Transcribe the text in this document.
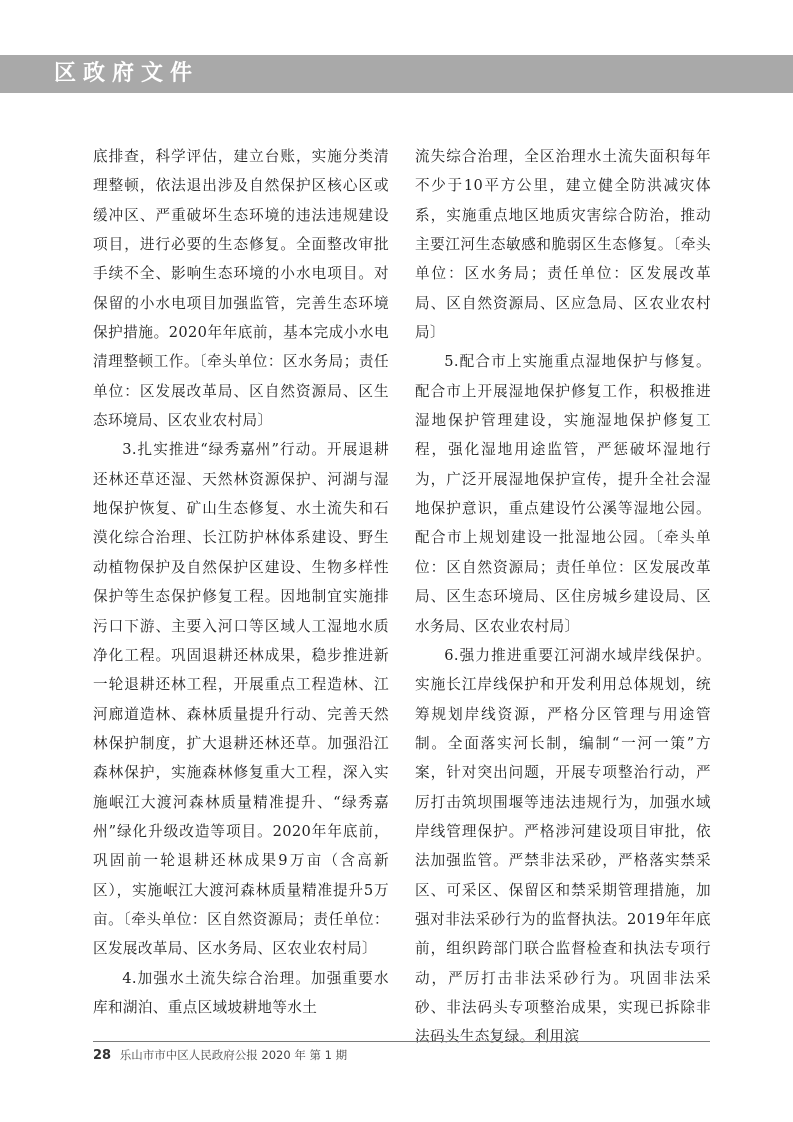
区政府文件

底排查，科学评估，建立台账，实施分类清理整顿，依法退出涉及自然保护区核心区或缓冲区、严重破坏生态环境的违法违规建设项目，进行必要的生态修复。全面整改审批手续不全、影响生态环境的小水电项目。对保留的小水电项目加强监管，完善生态环境保护措施。2020年年底前，基本完成小水电清理整顿工作。〔牵头单位：区水务局；责任单位：区发展改革局、区自然资源局、区生态环境局、区农业农村局〕

3.扎实推进“绿秀嘉州”行动。开展退耕还林还草还湿、天然林资源保护、河湖与湿地保护恢复、矿山生态修复、水土流失和石漠化综合治理、长江防护林体系建设、野生动植物保护及自然保护区建设、生物多样性保护等生态保护修复工程。因地制宜实施排污口下游、主要入河口等区域人工湿地水质净化工程。巩固退耕还林成果，稳步推进新一轮退耕还林工程，开展重点工程造林、江河廊道造林、森林质量提升行动、完善天然林保护制度，扩大退耕还林还草。加强沿江森林保护，实施森林修复重大工程，深入实施岷江大渡河森林质量精准提升、“绿秀嘉州”绿化升级改造等项目。2020年年底前，巩固前一轮退耕还林成果9万亩（含高新区），实施岷江大渡河森林质量精准提升5万亩。〔牵头单位：区自然资源局；责任单位：区发展改革局、区水务局、区农业农村局〕

4.加强水土流失综合治理。加强重要水库和湖泊、重点区域坡耕地等水土

流失综合治理，全区治理水土流失面积每年不少于10平方公里，建立健全防洪减灾体系，实施重点地区地质灾害综合防治，推动主要江河生态敏感和脆弱区生态修复。〔牵头单位：区水务局；责任单位：区发展改革局、区自然资源局、区应急局、区农业农村局〕

5.配合市上实施重点湿地保护与修复。配合市上开展湿地保护修复工作，积极推进湿地保护管理建设，实施湿地保护修复工程，强化湿地用途监管，严惩破坏湿地行为，广泛开展湿地保护宣传，提升全社会湿地保护意识，重点建设竹公溪等湿地公园。配合市上规划建设一批湿地公园。〔牵头单位：区自然资源局；责任单位：区发展改革局、区生态环境局、区住房城乡建设局、区水务局、区农业农村局〕

6.强力推进重要江河湖水域岸线保护。实施长江岸线保护和开发利用总体规划，统筹规划岸线资源，严格分区管理与用途管制。全面落实河长制，编制“一河一策”方案，针对突出问题，开展专项整治行动，严厉打击筑坝围堰等违法违规行为，加强水域岸线管理保护。严格涉河建设项目审批，依法加强监管。严禁非法采砂，严格落实禁采区、可采区、保留区和禁采期管理措施，加强对非法采砂行为的监督执法。2019年年底前，组织跨部门联合监督检查和执法专项行动，严厉打击非法采砂行为。巩固非法采砂、非法码头专项整治成果，实现已拆除非法码头生态复绿。利用滨

28 乐山市市中区人民政府公报 2020 年 第 1 期
